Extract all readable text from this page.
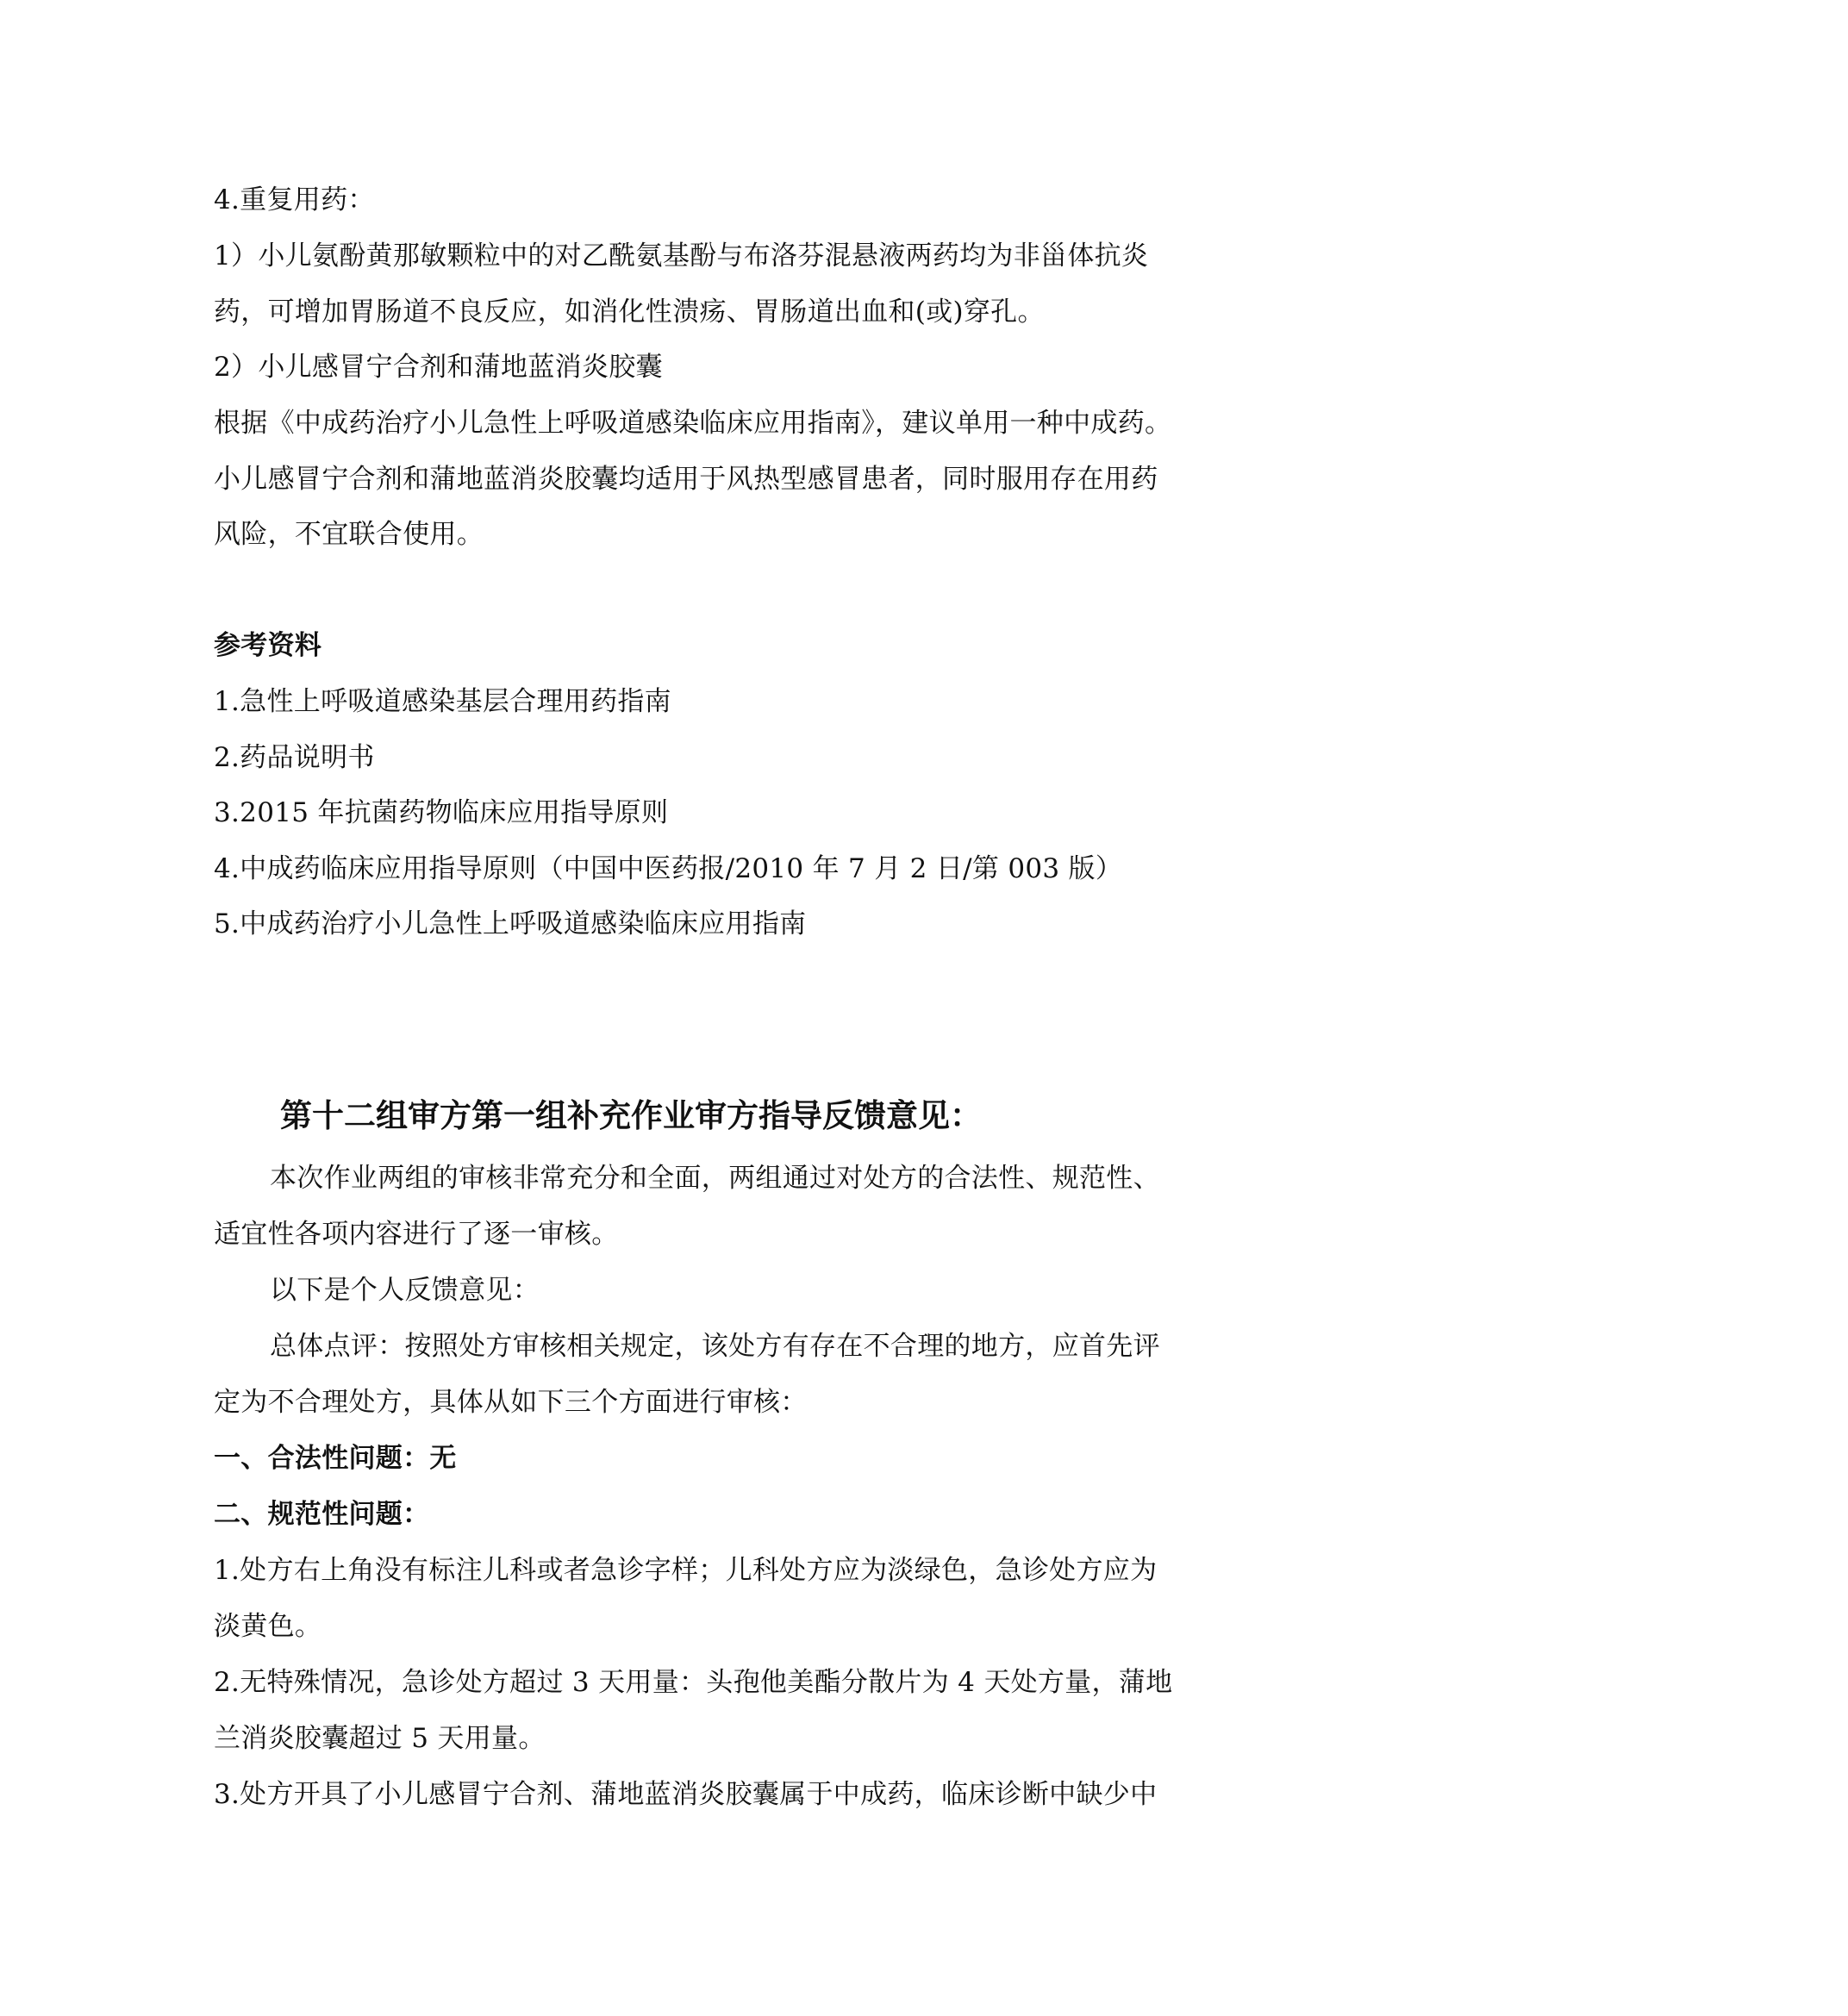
4.重复用药：
1）小儿氨酚黄那敏颗粒中的对乙酰氨基酚与布洛芬混悬液两药均为非甾体抗炎
药，可增加胃肠道不良反应，如消化性溃疡、胃肠道出血和(或)穿孔。
2）小儿感冒宁合剂和蒲地蓝消炎胶囊
根据《中成药治疗小儿急性上呼吸道感染临床应用指南》，建议单用一种中成药。
小儿感冒宁合剂和蒲地蓝消炎胶囊均适用于风热型感冒患者，同时服用存在用药
风险，不宜联合使用。
参考资料
1.急性上呼吸道感染基层合理用药指南
2.药品说明书
3.2015 年抗菌药物临床应用指导原则
4.中成药临床应用指导原则（中国中医药报/2010 年 7 月 2 日/第 003 版）
5.中成药治疗小儿急性上呼吸道感染临床应用指南
第十二组审方第一组补充作业审方指导反馈意见：
本次作业两组的审核非常充分和全面，两组通过对处方的合法性、规范性、
适宜性各项内容进行了逐一审核。
以下是个人反馈意见：
总体点评：按照处方审核相关规定，该处方有存在不合理的地方，应首先评
定为不合理处方，具体从如下三个方面进行审核：
一、合法性问题：无
二、规范性问题：
1.处方右上角没有标注儿科或者急诊字样；儿科处方应为淡绿色，急诊处方应为
淡黄色。
2.无特殊情况，急诊处方超过 3 天用量：头孢他美酯分散片为 4 天处方量，蒲地
兰消炎胶囊超过 5 天用量。
3.处方开具了小儿感冒宁合剂、蒲地蓝消炎胶囊属于中成药，临床诊断中缺少中
